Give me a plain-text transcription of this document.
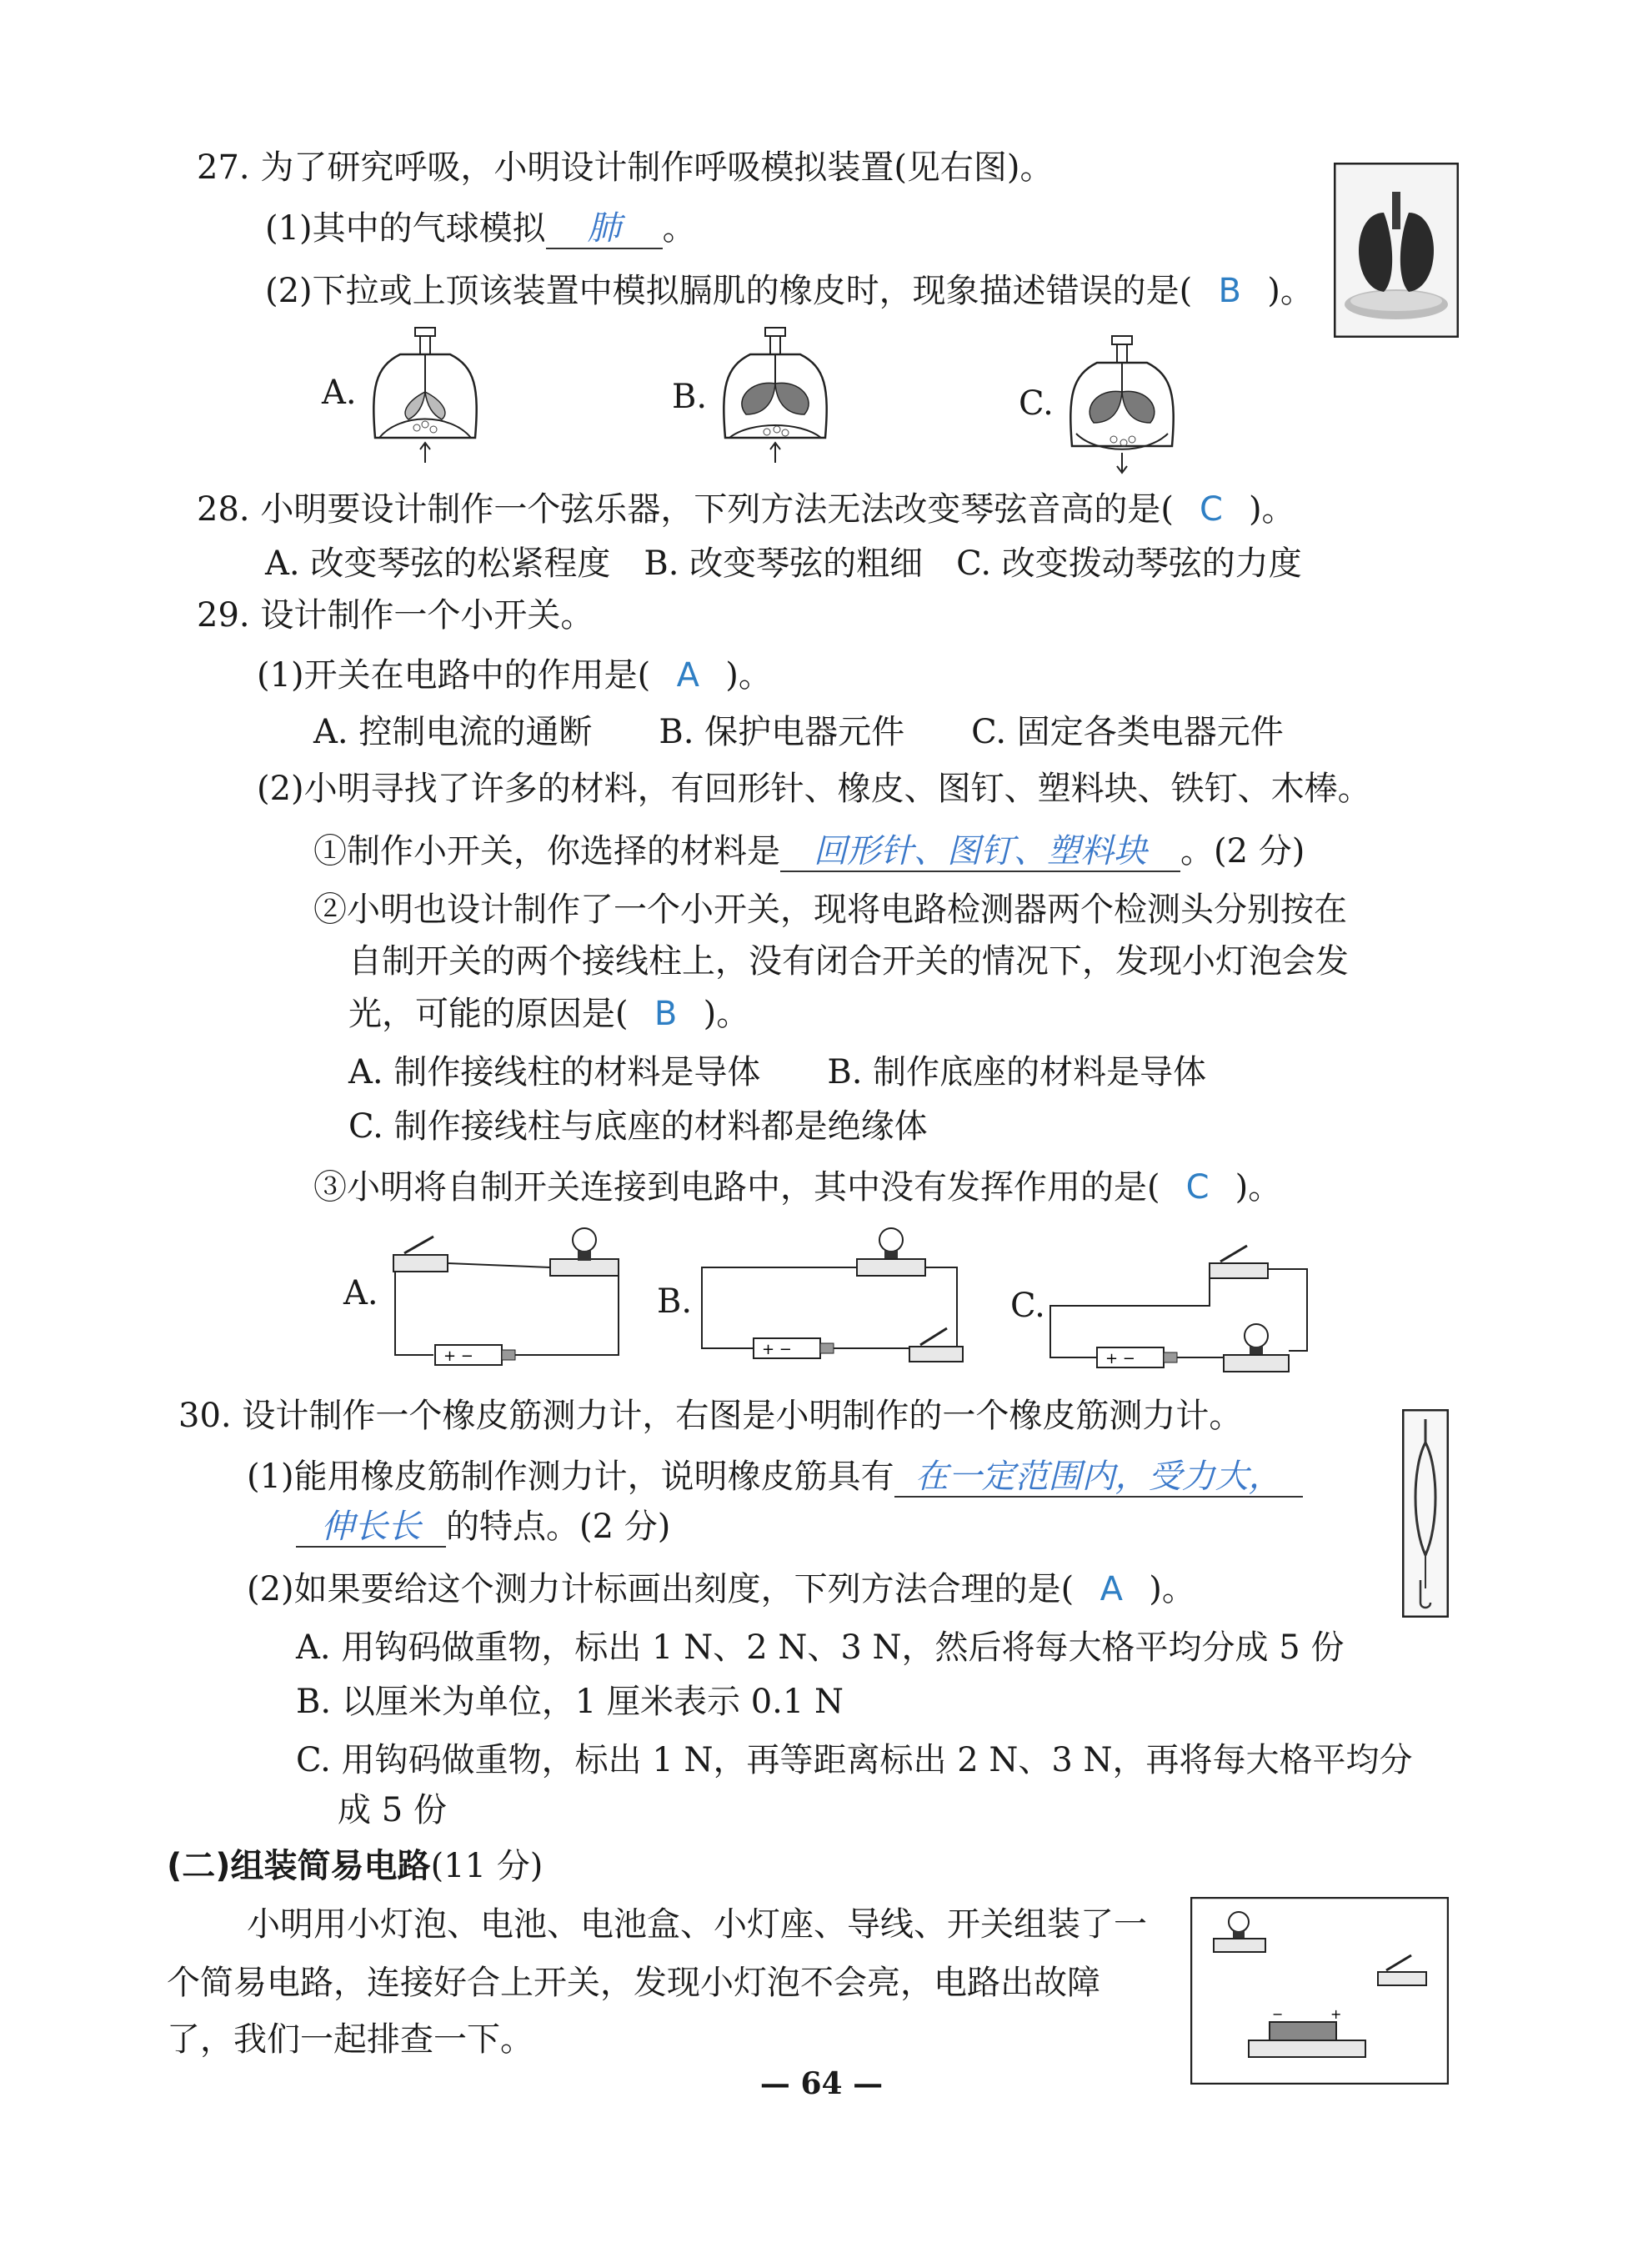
27. 为了研究呼吸，小明设计制作呼吸模拟装置(见右图)。
(1)其中的气球模拟 肺 。
(2)下拉或上顶该装置中模拟膈肌的橡皮时，现象描述错误的是( B )。
A.	B.	C.
28. 小明要设计制作一个弦乐器，下列方法无法改变琴弦音高的是( C )。
A. 改变琴弦的松紧程度　B. 改变琴弦的粗细　C. 改变拨动琴弦的力度
29. 设计制作一个小开关。
(1)开关在电路中的作用是( A )。
A. 控制电流的通断　　B. 保护电器元件　　C. 固定各类电器元件
(2)小明寻找了许多的材料，有回形针、橡皮、图钉、塑料块、铁钉、木棒。
①制作小开关，你选择的材料是 回形针、图钉、塑料块 。(2 分)
②小明也设计制作了一个小开关，现将电路检测器两个检测头分别按在
自制开关的两个接线柱上，没有闭合开关的情况下，发现小灯泡会发
光，可能的原因是( B )。
A. 制作接线柱的材料是导体　　B. 制作底座的材料是导体
C. 制作接线柱与底座的材料都是绝缘体
③小明将自制开关连接到电路中，其中没有发挥作用的是( C )。
A.
+ −
B.
+ −
C.
+ −
30. 设计制作一个橡皮筋测力计，右图是小明制作的一个橡皮筋测力计。
(1)能用橡皮筋制作测力计，说明橡皮筋具有 在一定范围内，受力大，
伸长长 的特点。(2 分)
(2)如果要给这个测力计标画出刻度，下列方法合理的是( A )。
A. 用钩码做重物，标出 1 N、2 N、3 N，然后将每大格平均分成 5 份
B. 以厘米为单位，1 厘米表示 0.1 N
C. 用钩码做重物，标出 1 N，再等距离标出 2 N、3 N，再将每大格平均分
成 5 份
(二)组装简易电路(11 分)
小明用小灯泡、电池、电池盒、小灯座、导线、开关组装了一
个简易电路，连接好合上开关，发现小灯泡不会亮，电路出故障
了，我们一起排查一下。
−	+
— 64 —
